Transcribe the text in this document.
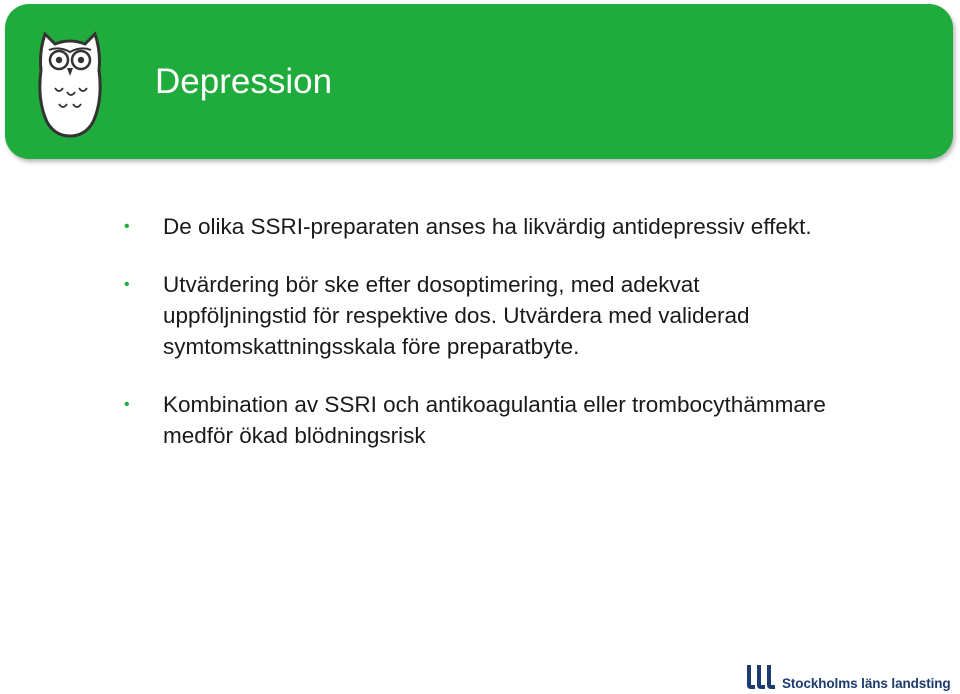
Depression
• De olika SSRI-preparaten anses ha likvärdig antidepressiv effekt.
• Utvärdering bör ske efter dosoptimering, med adekvat uppföljningstid för respektive dos. Utvärdera med validerad symtomskattningsskala före preparatbyte.
• Kombination av SSRI och antikoagulantia eller trombocythämmare medför ökad blödningsrisk
Stockholms läns landsting
